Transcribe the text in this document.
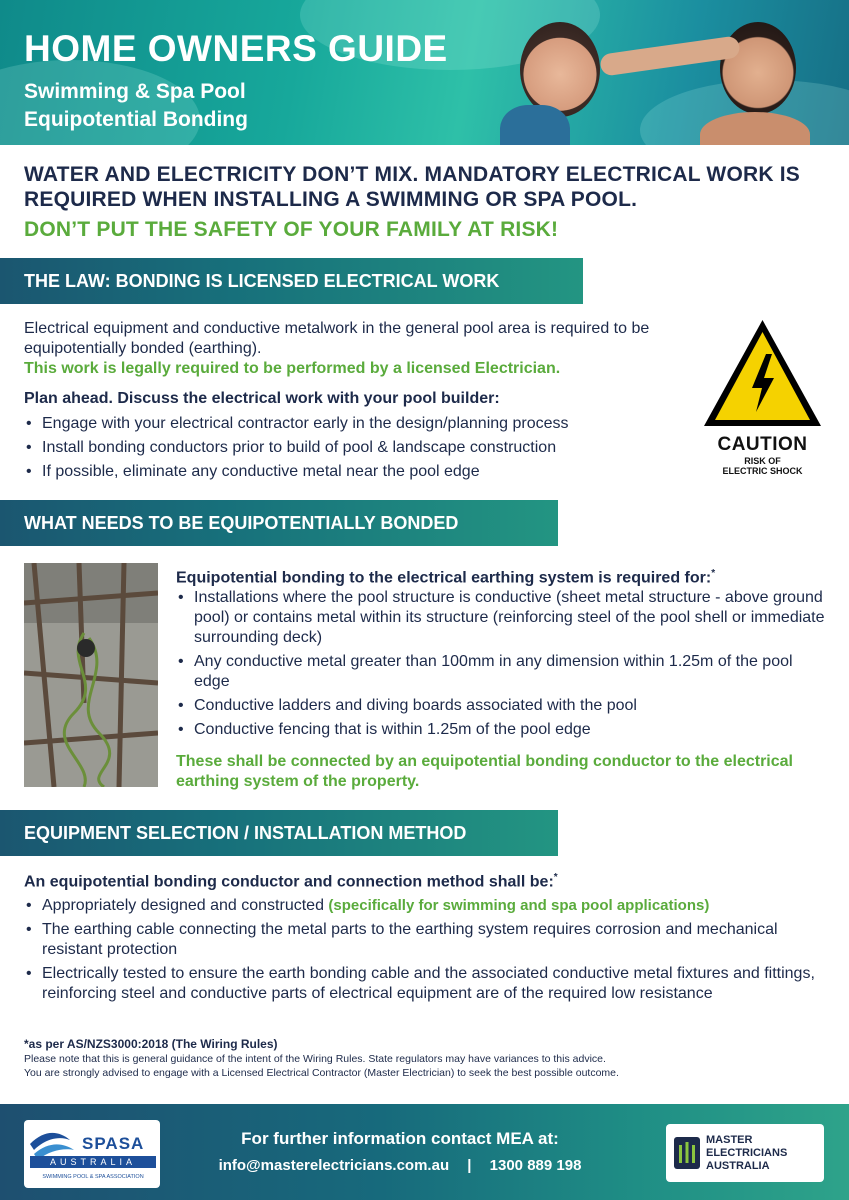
HOME OWNERS GUIDE
Swimming & Spa Pool
Equipotential Bonding
WATER AND ELECTRICITY DON’T MIX. MANDATORY ELECTRICAL WORK IS REQUIRED WHEN INSTALLING A SWIMMING OR SPA POOL.
DON’T PUT THE SAFETY OF YOUR FAMILY AT RISK!
THE LAW: BONDING IS LICENSED ELECTRICAL WORK
Electrical equipment and conductive metalwork in the general pool area is required to be equipotentially bonded (earthing).
This work is legally required to be performed by a licensed Electrician.
Plan ahead. Discuss the electrical work with your pool builder:
• Engage with your electrical contractor early in the design/planning process
• Install bonding conductors prior to build of pool & landscape construction
• If possible, eliminate any conductive metal near the pool edge
CAUTION
RISK OF
ELECTRIC SHOCK
WHAT NEEDS TO BE EQUIPOTENTIALLY BONDED
Equipotential bonding to the electrical earthing system is required for:*
• Installations where the pool structure is conductive (sheet metal structure - above ground pool) or contains metal within its structure (reinforcing steel of the pool shell or immediate surrounding deck)
• Any conductive metal greater than 100mm in any dimension within 1.25m of the pool edge
• Conductive ladders and diving boards associated with the pool
• Conductive fencing that is within 1.25m of the pool edge
These shall be connected by an equipotential bonding conductor to the electrical earthing system of the property.
EQUIPMENT SELECTION / INSTALLATION METHOD
An equipotential bonding conductor and connection method shall be:*
• Appropriately designed and constructed (specifically for swimming and spa pool applications)
• The earthing cable connecting the metal parts to the earthing system requires corrosion and mechanical resistant protection
• Electrically tested to ensure the earth bonding cable and the associated conductive metal fixtures and fittings, reinforcing steel and conductive parts of electrical equipment are of the required low resistance
*as per AS/NZS3000:2018 (The Wiring Rules)
Please note that this is general guidance of the intent of the Wiring Rules. State regulators may have variances to this advice.
You are strongly advised to engage with a Licensed Electrical Contractor (Master Electrician) to seek the best possible outcome.
SPASA
AUSTRALIA
SWIMMING POOL & SPA ASSOCIATION
For further information contact MEA at:
info@masterelectricians.com.au | 1300 889 198
MASTER
ELECTRICIANS
AUSTRALIA
